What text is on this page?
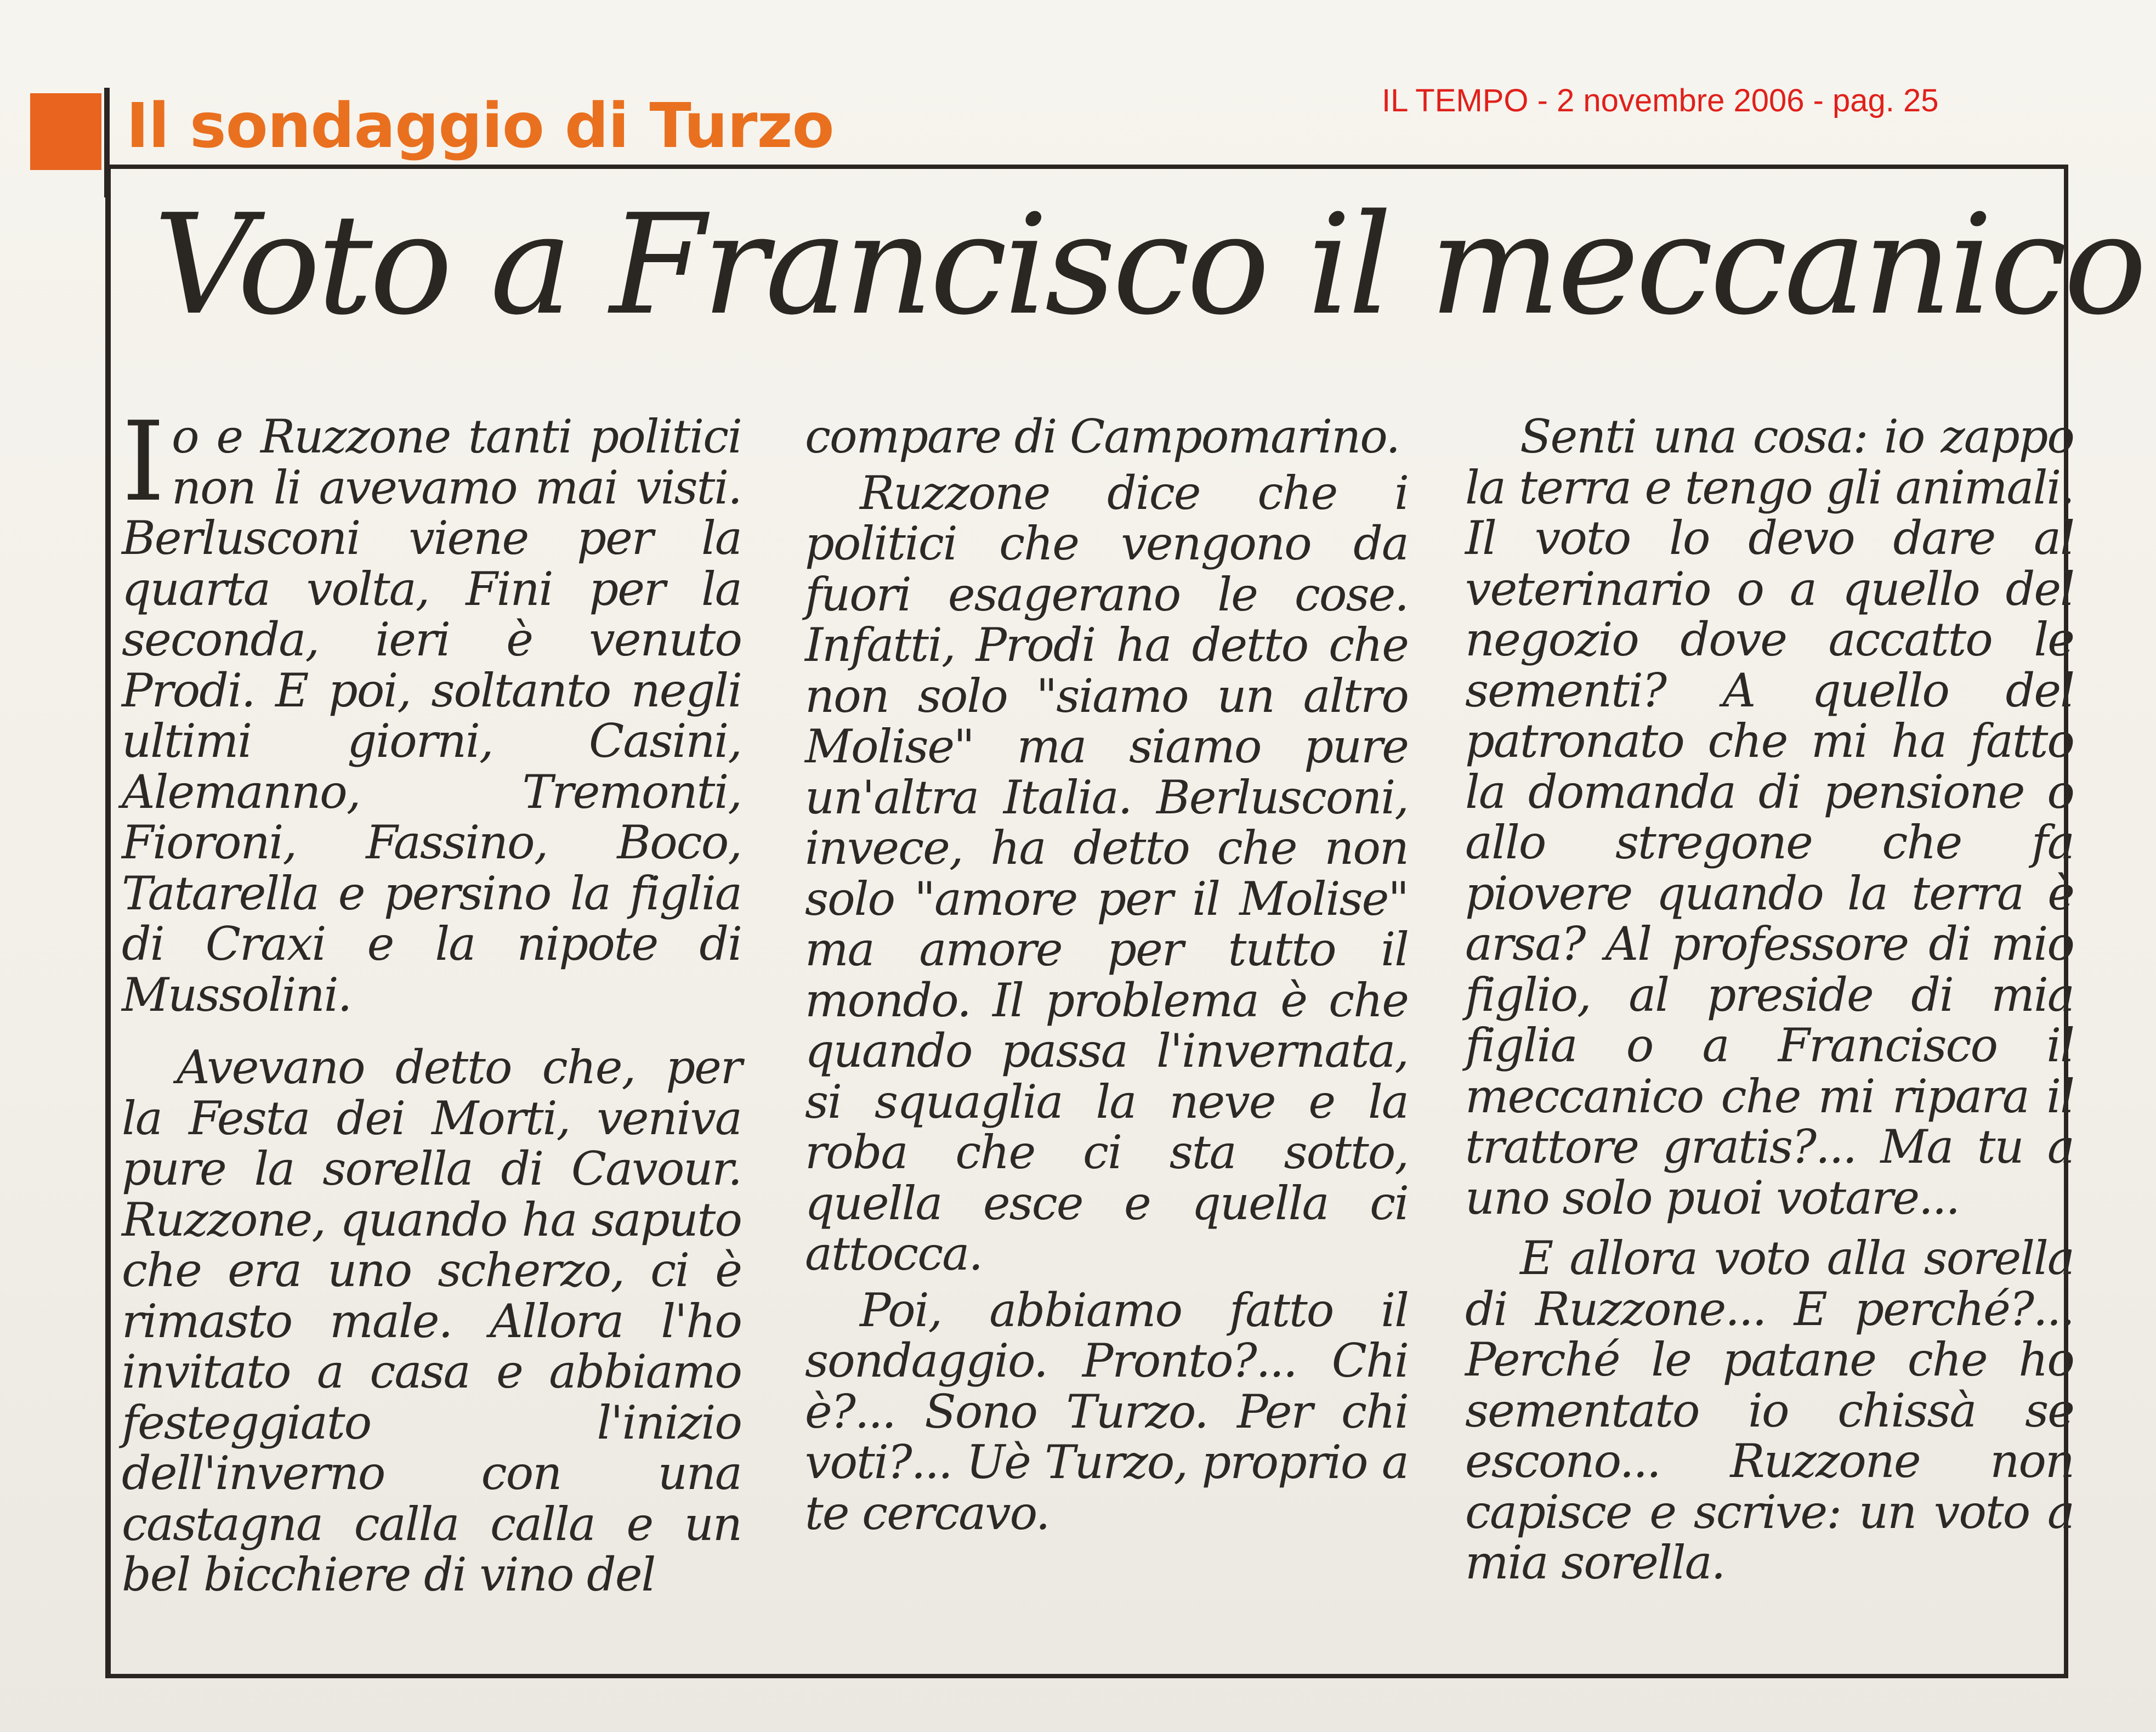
Il sondaggio di Turzo	IL TEMPO - 2 novembre 2006 - pag. 25
Voto a Francisco il meccanico

Io e Ruzzone tanti politici non li avevamo mai visti. Berlusconi viene per la quarta volta, Fini per la seconda, ieri è venuto Prodi. E poi, soltanto negli ultimi giorni, Casini, Alemanno, Tremonti, Fioroni, Fassino, Boco, Tatarella e persino la figlia di Craxi e la nipote di Mussolini.

Avevano detto che, per la Festa dei Morti, veniva pure la sorella di Cavour. Ruzzone, quando ha saputo che era uno scherzo, ci è rimasto male. Allora l'ho invitato a casa e abbiamo festeggiato l'inizio dell'inverno con una castagna calla calla e un bel bicchiere di vino del

compare di Campomarino.

Ruzzone dice che i politici che vengono da fuori esagerano le cose. Infatti, Prodi ha detto che non solo "siamo un altro Molise" ma siamo pure un'altra Italia. Berlusconi, invece, ha detto che non solo "amore per il Molise" ma amore per tutto il mondo. Il problema è che quando passa l'invernata, si squaglia la neve e la roba che ci sta sotto, quella esce e quella ci attocca.

Poi, abbiamo fatto il sondaggio. Pronto?... Chi è?... Sono Turzo. Per chi voti?... Uè Turzo, proprio a te cercavo.

Senti una cosa: io zappo la terra e tengo gli animali. Il voto lo devo dare al veterinario o a quello del negozio dove accatto le sementi? A quello del patronato che mi ha fatto la domanda di pensione o allo stregone che fa piovere quando la terra è arsa? Al professore di mio figlio, al preside di mia figlia o a Francisco il meccanico che mi ripara il trattore gratis?... Ma tu a uno solo puoi votare...

E allora voto alla sorella di Ruzzone... E perché?... Perché le patane che ho sementato io chissà se escono... Ruzzone non capisce e scrive: un voto a mia sorella.
